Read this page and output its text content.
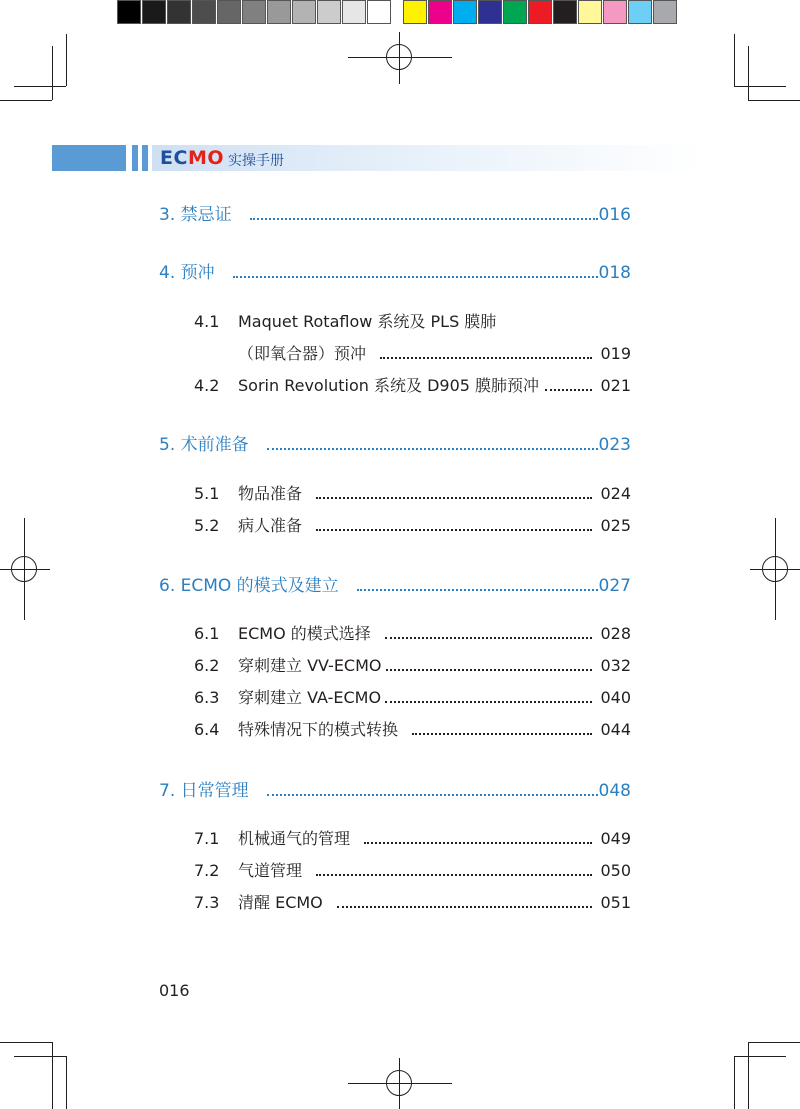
ECMO 实操手册
3. 禁忌证	016
4. 预冲	018
4.1	Maquet Rotaflow 系统及 PLS 膜肺
（即氧合器）预冲	019
4.2	Sorin Revolution 系统及 D905 膜肺预冲	021
5. 术前准备	023
5.1	物品准备	024
5.2	病人准备	025
6. ECMO 的模式及建立	027
6.1	ECMO 的模式选择	028
6.2	穿刺建立 VV-ECMO	032
6.3	穿刺建立 VA-ECMO	040
6.4	特殊情况下的模式转换	044
7. 日常管理	048
7.1	机械通气的管理	049
7.2	气道管理	050
7.3	清醒 ECMO	051
016
